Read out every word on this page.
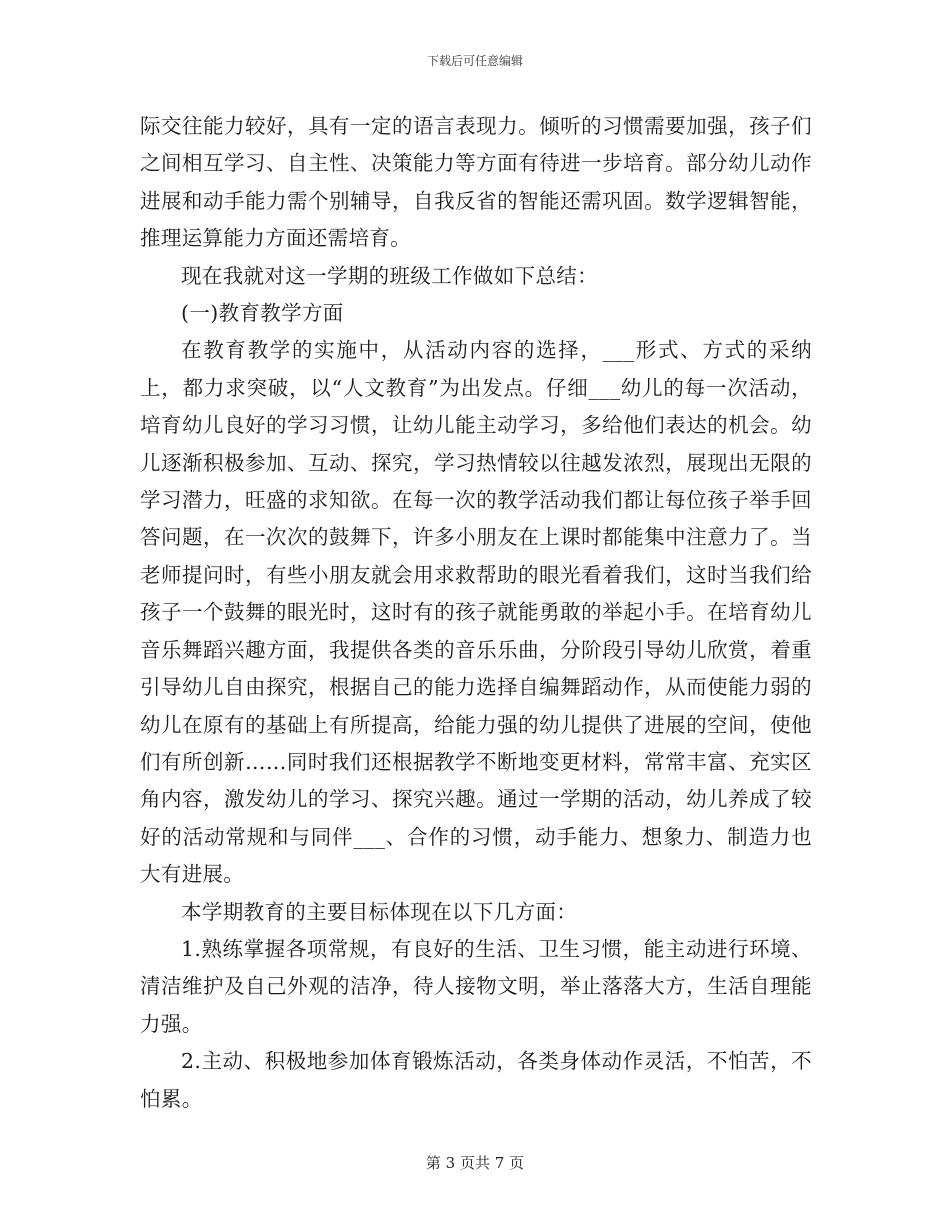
下载后可任意编辑

际交往能力较好，具有一定的语言表现力。倾听的习惯需要加强，孩子们之间相互学习、自主性、决策能力等方面有待进一步培育。部分幼儿动作进展和动手能力需个别辅导，自我反省的智能还需巩固。数学逻辑智能，推理运算能力方面还需培育。

现在我就对这一学期的班级工作做如下总结：

(一)教育教学方面

在教育教学的实施中，从活动内容的选择，___形式、方式的采纳上，都力求突破，以“人文教育”为出发点。仔细___幼儿的每一次活动，培育幼儿良好的学习习惯，让幼儿能主动学习，多给他们表达的机会。幼儿逐渐积极参加、互动、探究，学习热情较以往越发浓烈，展现出无限的学习潜力，旺盛的求知欲。在每一次的教学活动我们都让每位孩子举手回答问题，在一次次的鼓舞下，许多小朋友在上课时都能集中注意力了。当老师提问时，有些小朋友就会用求救帮助的眼光看着我们，这时当我们给孩子一个鼓舞的眼光时，这时有的孩子就能勇敢的举起小手。在培育幼儿音乐舞蹈兴趣方面，我提供各类的音乐乐曲，分阶段引导幼儿欣赏，着重引导幼儿自由探究，根据自己的能力选择自编舞蹈动作，从而使能力弱的幼儿在原有的基础上有所提高，给能力强的幼儿提供了进展的空间，使他们有所创新……同时我们还根据教学不断地变更材料，常常丰富、充实区角内容，激发幼儿的学习、探究兴趣。通过一学期的活动，幼儿养成了较好的活动常规和与同伴___、合作的习惯，动手能力、想象力、制造力也大有进展。

本学期教育的主要目标体现在以下几方面：

1.熟练掌握各项常规，有良好的生活、卫生习惯，能主动进行环境、清洁维护及自己外观的洁净，待人接物文明，举止落落大方，生活自理能力强。

2.主动、积极地参加体育锻炼活动，各类身体动作灵活，不怕苦，不怕累。

第 3 页共 7 页
